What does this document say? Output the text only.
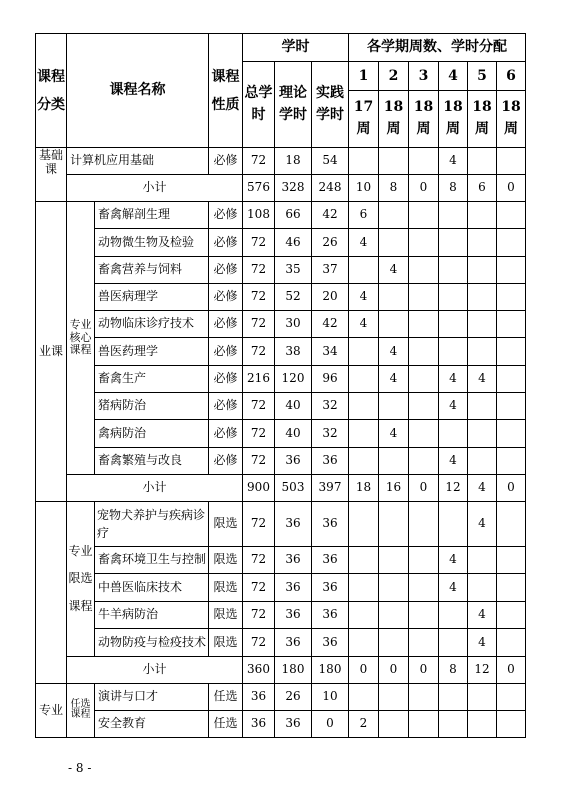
课程分类	课程名称		课程性质	学时			各学期周数、学时分配					
				总学时	理论学时	实践学时	1	2	3	4	5	6
							17周	18周	18周	18周	18周	18周
基础课	计算机应用基础		必修	72	18	54				4		
	小计			576	328	248	10	8	0	8	6	0
业课	专业核心课程	畜禽解剖生理	必修	108	66	42	6					
		动物微生物及检验	必修	72	46	26	4					
		畜禽营养与饲料	必修	72	35	37		4				
		兽医病理学	必修	72	52	20	4					
		动物临床诊疗技术	必修	72	30	42	4					
		兽医药理学	必修	72	38	34		4				
		畜禽生产	必修	216	120	96		4		4	4	
		猪病防治	必修	72	40	32				4		
		禽病防治	必修	72	40	32		4				
		畜禽繁殖与改良	必修	72	36	36				4		
	小计			900	503	397	18	16	0	12	4	0
	专业限选课程	宠物犬养护与疾病诊疗	限选	72	36	36					4	
		畜禽环境卫生与控制	限选	72	36	36				4		
		中兽医临床技术	限选	72	36	36				4		
		牛羊病防治	限选	72	36	36					4	
		动物防疫与检疫技术	限选	72	36	36					4	
	小计			360	180	180	0	0	0	8	12	0
专业	任选课程	演讲与口才	任选	36	26	10						
		安全教育	任选	36	36	0	2					
- 8 -
